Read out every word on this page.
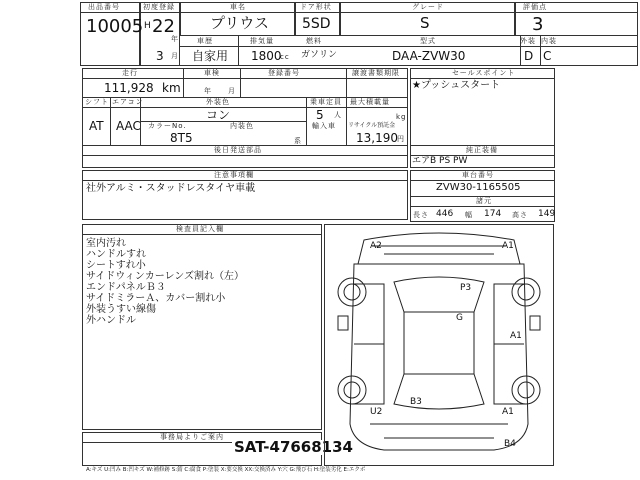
出品番号
10005
初度登録
H 22
年
3 月
車名
プリウス
ドア形状
5SD
グレード
S
評価点
3
車歴
自家用
排気量
1800
cc
燃料
ガソリン
型式
DAA-ZVW30
外装 内装
D C
走行
111,928 km
車検
年 月
登録番号	譲渡書類期限
シフト エアコン
AT AAC
外装色
コン
カラーNo.	内装色
8T5	系
乗車定員
5 人
最大積載量
kg
輸入車 リサイクル預託金
13,190 円
後日発送部品
セールスポイント
★プッシュスタート
純正装備
エアB PS PW
注意事項欄
社外アルミ・スタッドレスタイヤ車載
車台番号
ZVW30-1165505
諸元
長さ 446 幅 174 高さ 149
検査員記入欄
室内汚れ
ハンドルすれ
シートすれ小
サイドウィンカーレンズ割れ（左）
エンドパネルＢ３
サイドミラーＡ、カバー割れ小
外装うすい線傷
外ハンドル
事務局よりご案内
SAT-47668134
A2	A1
P3
G
A1
B3
U2	A1
B4
A:キズ U:凹み B:凹キズ W:補修跡 S:錆 C:腐食 P:塗装 X:要交換 XX:交換済み Y:穴 G:飛び石 H:塗装劣化 E:エクボ
